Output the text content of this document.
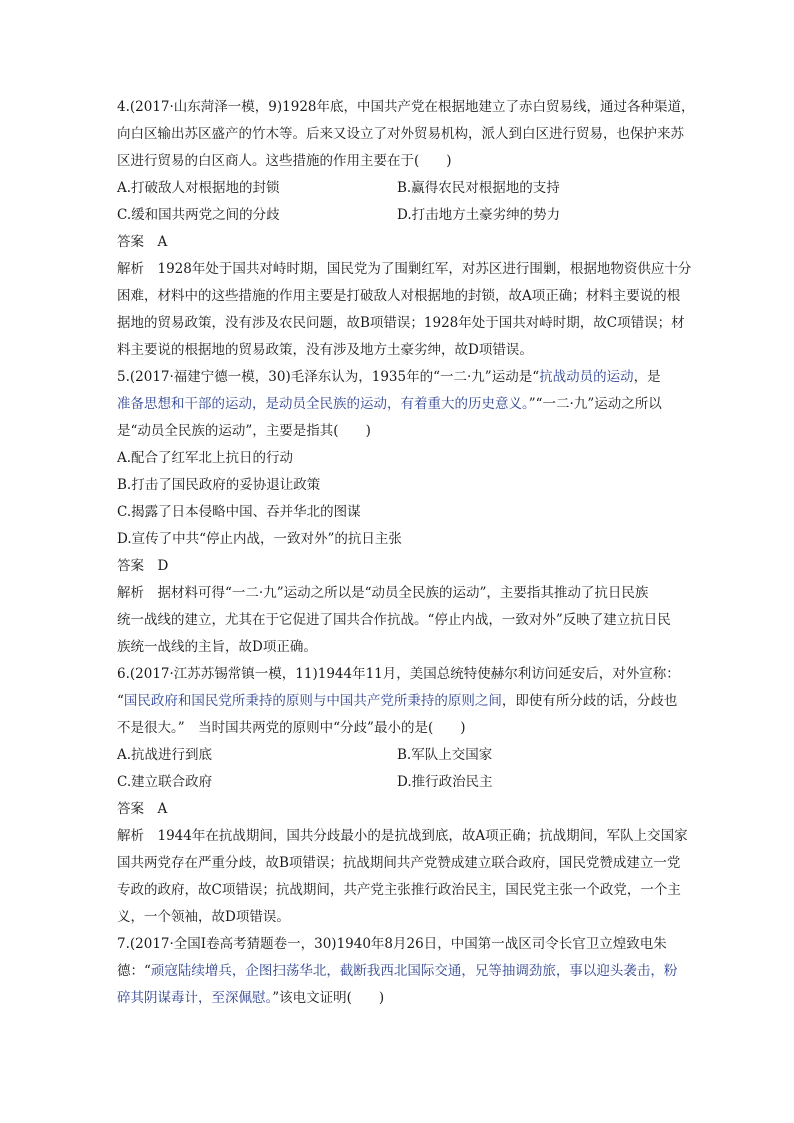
4.(2017·山东菏泽一模，9)1928年底，中国共产党在根据地建立了赤白贸易线，通过各种渠道，
向白区输出苏区盛产的竹木等。后来又设立了对外贸易机构，派人到白区进行贸易，也保护来苏
区进行贸易的白区商人。这些措施的作用主要在于(　　)
A.打破敌人对根据地的封锁	B.赢得农民对根据地的支持
C.缓和国共两党之间的分歧	D.打击地方土豪劣绅的势力
答案　A
解析　1928年处于国共对峙时期，国民党为了围剿红军，对苏区进行围剿，根据地物资供应十分
困难，材料中的这些措施的作用主要是打破敌人对根据地的封锁，故A项正确；材料主要说的根
据地的贸易政策，没有涉及农民问题，故B项错误；1928年处于国共对峙时期，故C项错误；材
料主要说的根据地的贸易政策，没有涉及地方土豪劣绅，故D项错误。
5.(2017·福建宁德一模，30)毛泽东认为，1935年的“一二·九”运动是“抗战动员的运动，是
准备思想和干部的运动，是动员全民族的运动，有着重大的历史意义。”“一二·九”运动之所以
是“动员全民族的运动”，主要是指其(　　)
A.配合了红军北上抗日的行动
B.打击了国民政府的妥协退让政策
C.揭露了日本侵略中国、吞并华北的图谋
D.宣传了中共“停止内战，一致对外”的抗日主张
答案　D
解析　据材料可得“一二·九”运动之所以是“动员全民族的运动”，主要指其推动了抗日民族
统一战线的建立，尤其在于它促进了国共合作抗战。“停止内战，一致对外”反映了建立抗日民
族统一战线的主旨，故D项正确。
6.(2017·江苏苏锡常镇一模，11)1944年11月，美国总统特使赫尔利访问延安后，对外宣称：
“国民政府和国民党所秉持的原则与中国共产党所秉持的原则之间，即使有所分歧的话，分歧也
不是很大。”　当时国共两党的原则中“分歧”最小的是(　　)
A.抗战进行到底	B.军队上交国家
C.建立联合政府	D.推行政治民主
答案　A
解析　1944年在抗战期间，国共分歧最小的是抗战到底，故A项正确；抗战期间，军队上交国家
国共两党存在严重分歧，故B项错误；抗战期间共产党赞成建立联合政府，国民党赞成建立一党
专政的政府，故C项错误；抗战期间，共产党主张推行政治民主，国民党主张一个政党，一个主
义，一个领袖，故D项错误。
7.(2017·全国Ⅰ卷高考猜题卷一，30)1940年8月26日，中国第一战区司令长官卫立煌致电朱
德：“顽寇陆续增兵，企图扫荡华北，截断我西北国际交通，兄等抽调劲旅，事以迎头袭击，粉
碎其阴谋毒计，至深佩慰。”该电文证明(　　)
